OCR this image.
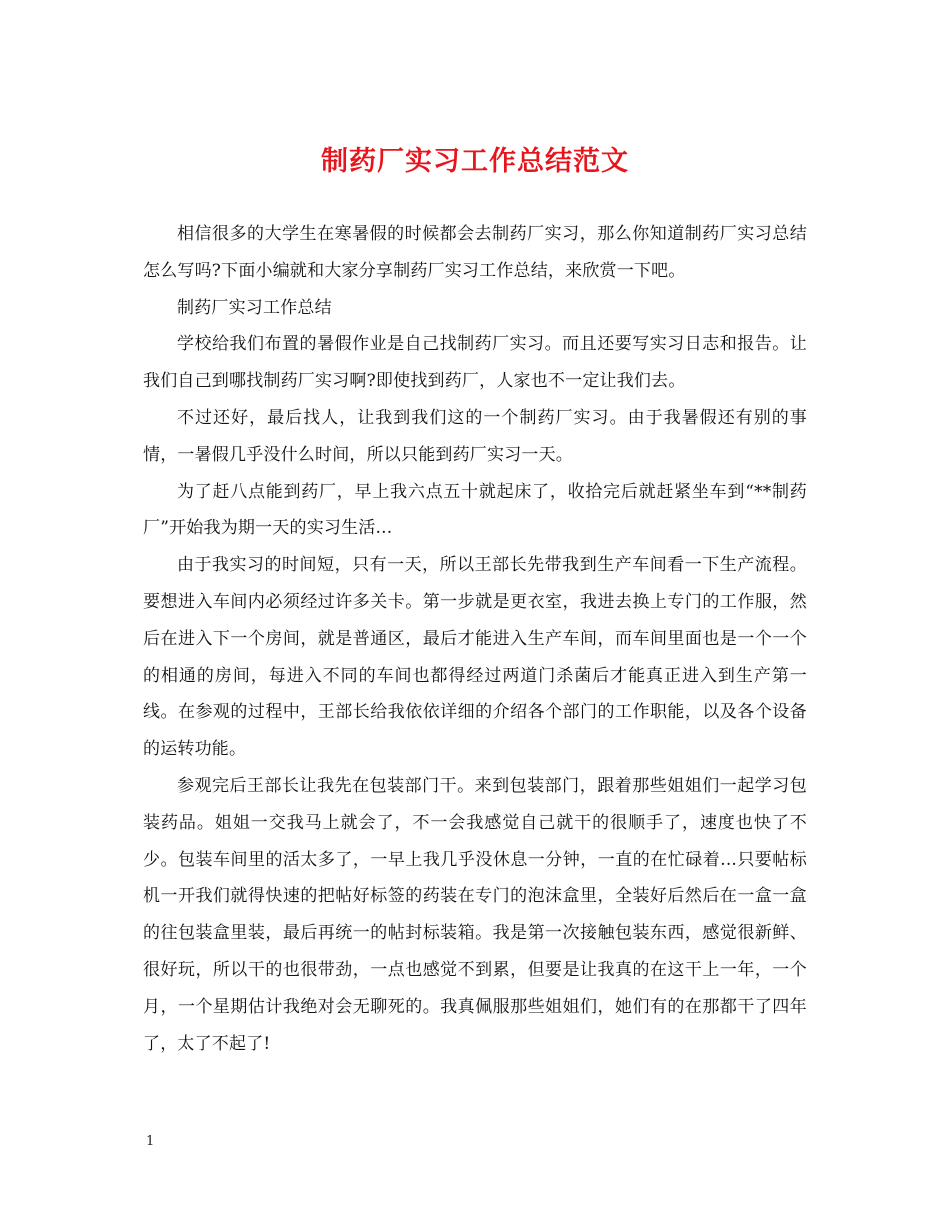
制药厂实习工作总结范文

相信很多的大学生在寒暑假的时候都会去制药厂实习，那么你知道制药厂实习总结怎么写吗?下面小编就和大家分享制药厂实习工作总结，来欣赏一下吧。

制药厂实习工作总结

学校给我们布置的暑假作业是自己找制药厂实习。而且还要写实习日志和报告。让我们自己到哪找制药厂实习啊?即使找到药厂，人家也不一定让我们去。

不过还好，最后找人，让我到我们这的一个制药厂实习。由于我暑假还有别的事情，一暑假几乎没什么时间，所以只能到药厂实习一天。

为了赶八点能到药厂，早上我六点五十就起床了，收拾完后就赶紧坐车到“**制药厂”开始我为期一天的实习生活...

由于我实习的时间短，只有一天，所以王部长先带我到生产车间看一下生产流程。要想进入车间内必须经过许多关卡。第一步就是更衣室，我进去换上专门的工作服，然后在进入下一个房间，就是普通区，最后才能进入生产车间，而车间里面也是一个一个的相通的房间，每进入不同的车间也都得经过两道门杀菌后才能真正进入到生产第一线。在参观的过程中，王部长给我依依详细的介绍各个部门的工作职能，以及各个设备的运转功能。

参观完后王部长让我先在包装部门干。来到包装部门，跟着那些姐姐们一起学习包装药品。姐姐一交我马上就会了，不一会我感觉自己就干的很顺手了，速度也快了不少。包装车间里的活太多了，一早上我几乎没休息一分钟，一直的在忙碌着...只要帖标机一开我们就得快速的把帖好标签的药装在专门的泡沫盒里，全装好后然后在一盒一盒的往包装盒里装，最后再统一的帖封标装箱。我是第一次接触包装东西，感觉很新鲜、很好玩，所以干的也很带劲，一点也感觉不到累，但要是让我真的在这干上一年，一个月，一个星期估计我绝对会无聊死的。我真佩服那些姐姐们，她们有的在那都干了四年了，太了不起了!

1
